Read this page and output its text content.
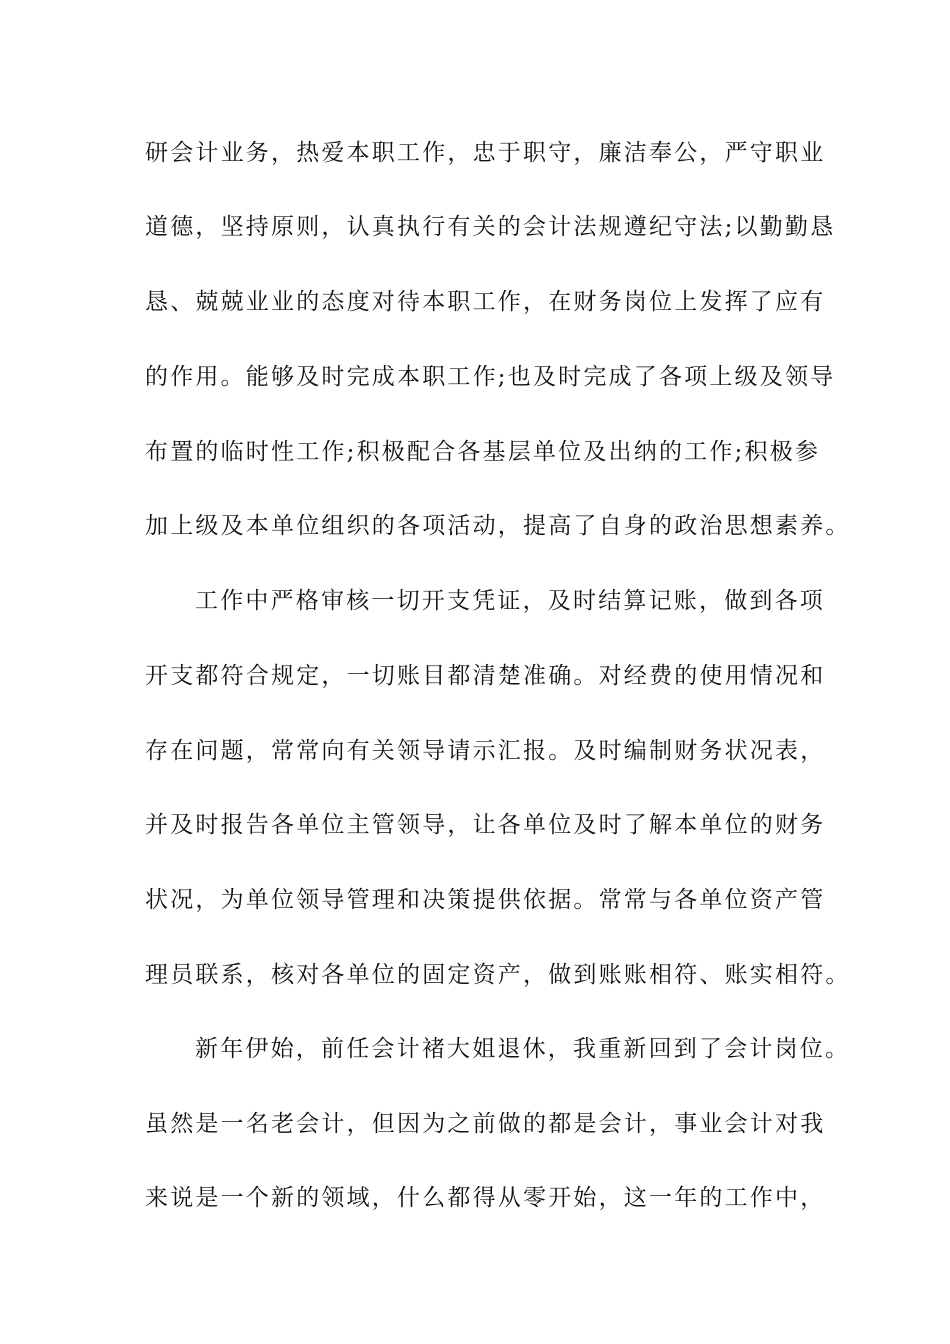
研会计业务，热爱本职工作，忠于职守，廉洁奉公，严守职业
道德，坚持原则，认真执行有关的会计法规遵纪守法;以勤勤恳
恳、兢兢业业的态度对待本职工作，在财务岗位上发挥了应有
的作用。能够及时完成本职工作;也及时完成了各项上级及领导
布置的临时性工作;积极配合各基层单位及出纳的工作;积极参
加上级及本单位组织的各项活动，提高了自身的政治思想素养。
工作中严格审核一切开支凭证，及时结算记账，做到各项
开支都符合规定，一切账目都清楚准确。对经费的使用情况和
存在问题，常常向有关领导请示汇报。及时编制财务状况表，
并及时报告各单位主管领导，让各单位及时了解本单位的财务
状况，为单位领导管理和决策提供依据。常常与各单位资产管
理员联系，核对各单位的固定资产，做到账账相符、账实相符。
新年伊始，前任会计褚大姐退休，我重新回到了会计岗位。
虽然是一名老会计，但因为之前做的都是会计，事业会计对我
来说是一个新的领域，什么都得从零开始，这一年的工作中，
